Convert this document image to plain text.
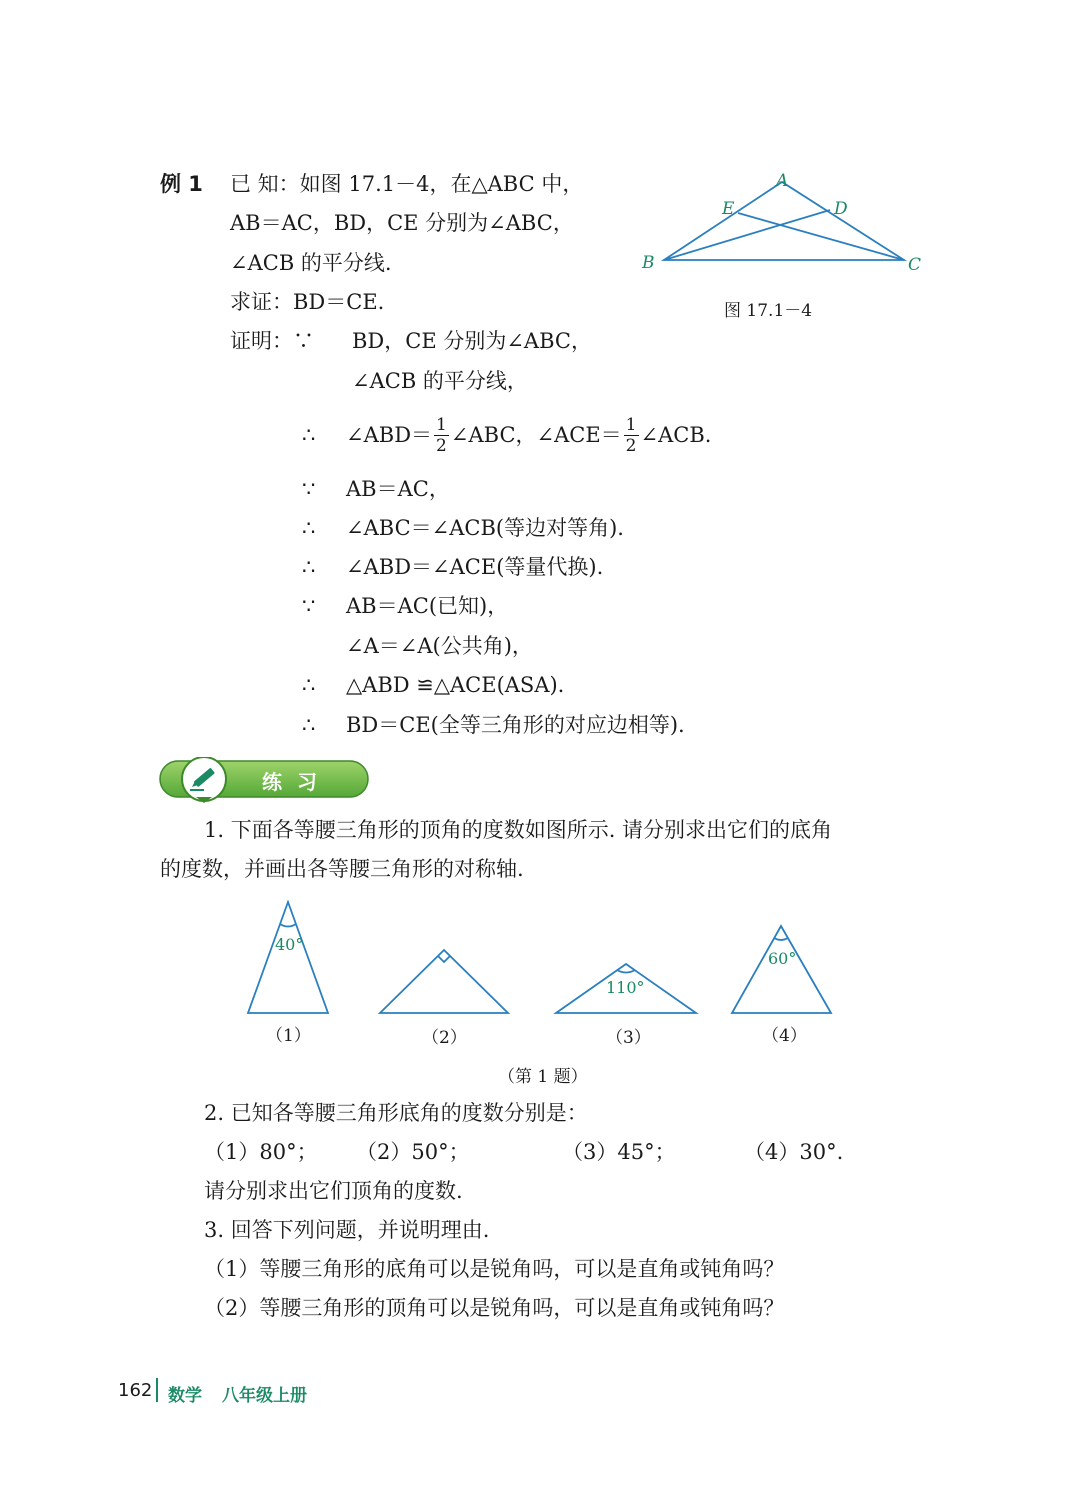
例 1 已 知：如图 17.1－4，在△ABC 中，
AB＝AC，BD，CE 分别为∠ABC，
∠ACB 的平分线.
求证：BD＝CE.
证明：∵ BD，CE 分别为∠ABC，
∠ACB 的平分线，
∴ ∠ABD＝ $\frac{1}{2}$ ∠ABC，∠ACE＝ $\frac{1}{2}$ ∠ACB.
∵ AB＝AC，
∴ ∠ABC＝∠ACB(等边对等角).
∴ ∠ABD＝∠ACE(等量代换).
∵ AB＝AC(已知)，
∠A＝∠A(公共角)，
∴ △ABD ≌△ACE(ASA).
∴ BD＝CE(全等三角形的对应边相等).
A
B	C
D
E
图 17.1－4
练 习
1. 下面各等腰三角形的顶角的度数如图所示. 请分别求出它们的底角
的度数，并画出各等腰三角形的对称轴.
40°
110°
60°
（1）	（2）	（3）	（4）
（第 1 题）
2. 已知各等腰三角形底角的度数分别是：
（1）80°； （2）50°；	（3）45°；	（4）30°.
请分别求出它们顶角的度数.
3. 回答下列问题，并说明理由.
（1）等腰三角形的底角可以是锐角吗，可以是直角或钝角吗？
（2）等腰三角形的顶角可以是锐角吗，可以是直角或钝角吗？
162 数学 八年级上册
